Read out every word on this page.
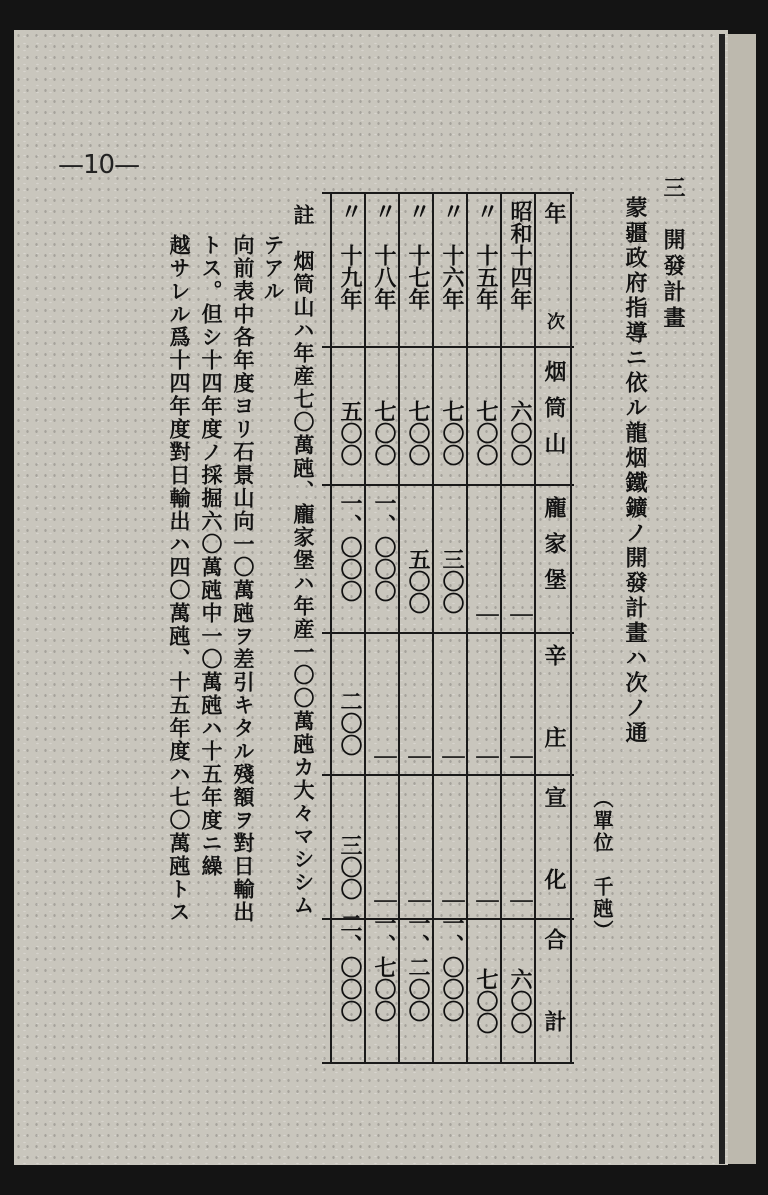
—10—
三　開發計畫
蒙疆政府指導ニ依ル龍烟鐵鑛ノ開發計畫ハ次ノ通
（單位　千瓲）
年
次
烟筒山
龐家堡
辛庄
宣化
合計
昭和十四年
六〇〇
｜
｜
｜
六〇〇
〃　十五年
七〇〇
｜
｜
｜
七〇〇
〃　十六年
七〇〇
三〇〇
｜
｜
一、〇〇〇
〃　十七年
七〇〇
五〇〇
｜
｜
一、二〇〇
〃　十八年
七〇〇
一、〇〇〇
｜
｜
一、七〇〇
〃　十九年
五〇〇
一、〇〇〇
二〇〇
三〇〇
二、〇〇〇
註　烟筒山ハ年産七〇萬瓲、龐家堡ハ年産一〇〇萬瓲カ大々マシシム
テアル
向前表中各年度ヨリ石景山向一〇萬瓲ヲ差引キタル殘額ヲ對日輸出
トス。但シ十四年度ノ採掘六〇萬瓲中一〇萬瓲ハ十五年度ニ繰
越サレル爲十四年度對日輸出ハ四〇萬瓲、十五年度ハ七〇萬瓲トス
